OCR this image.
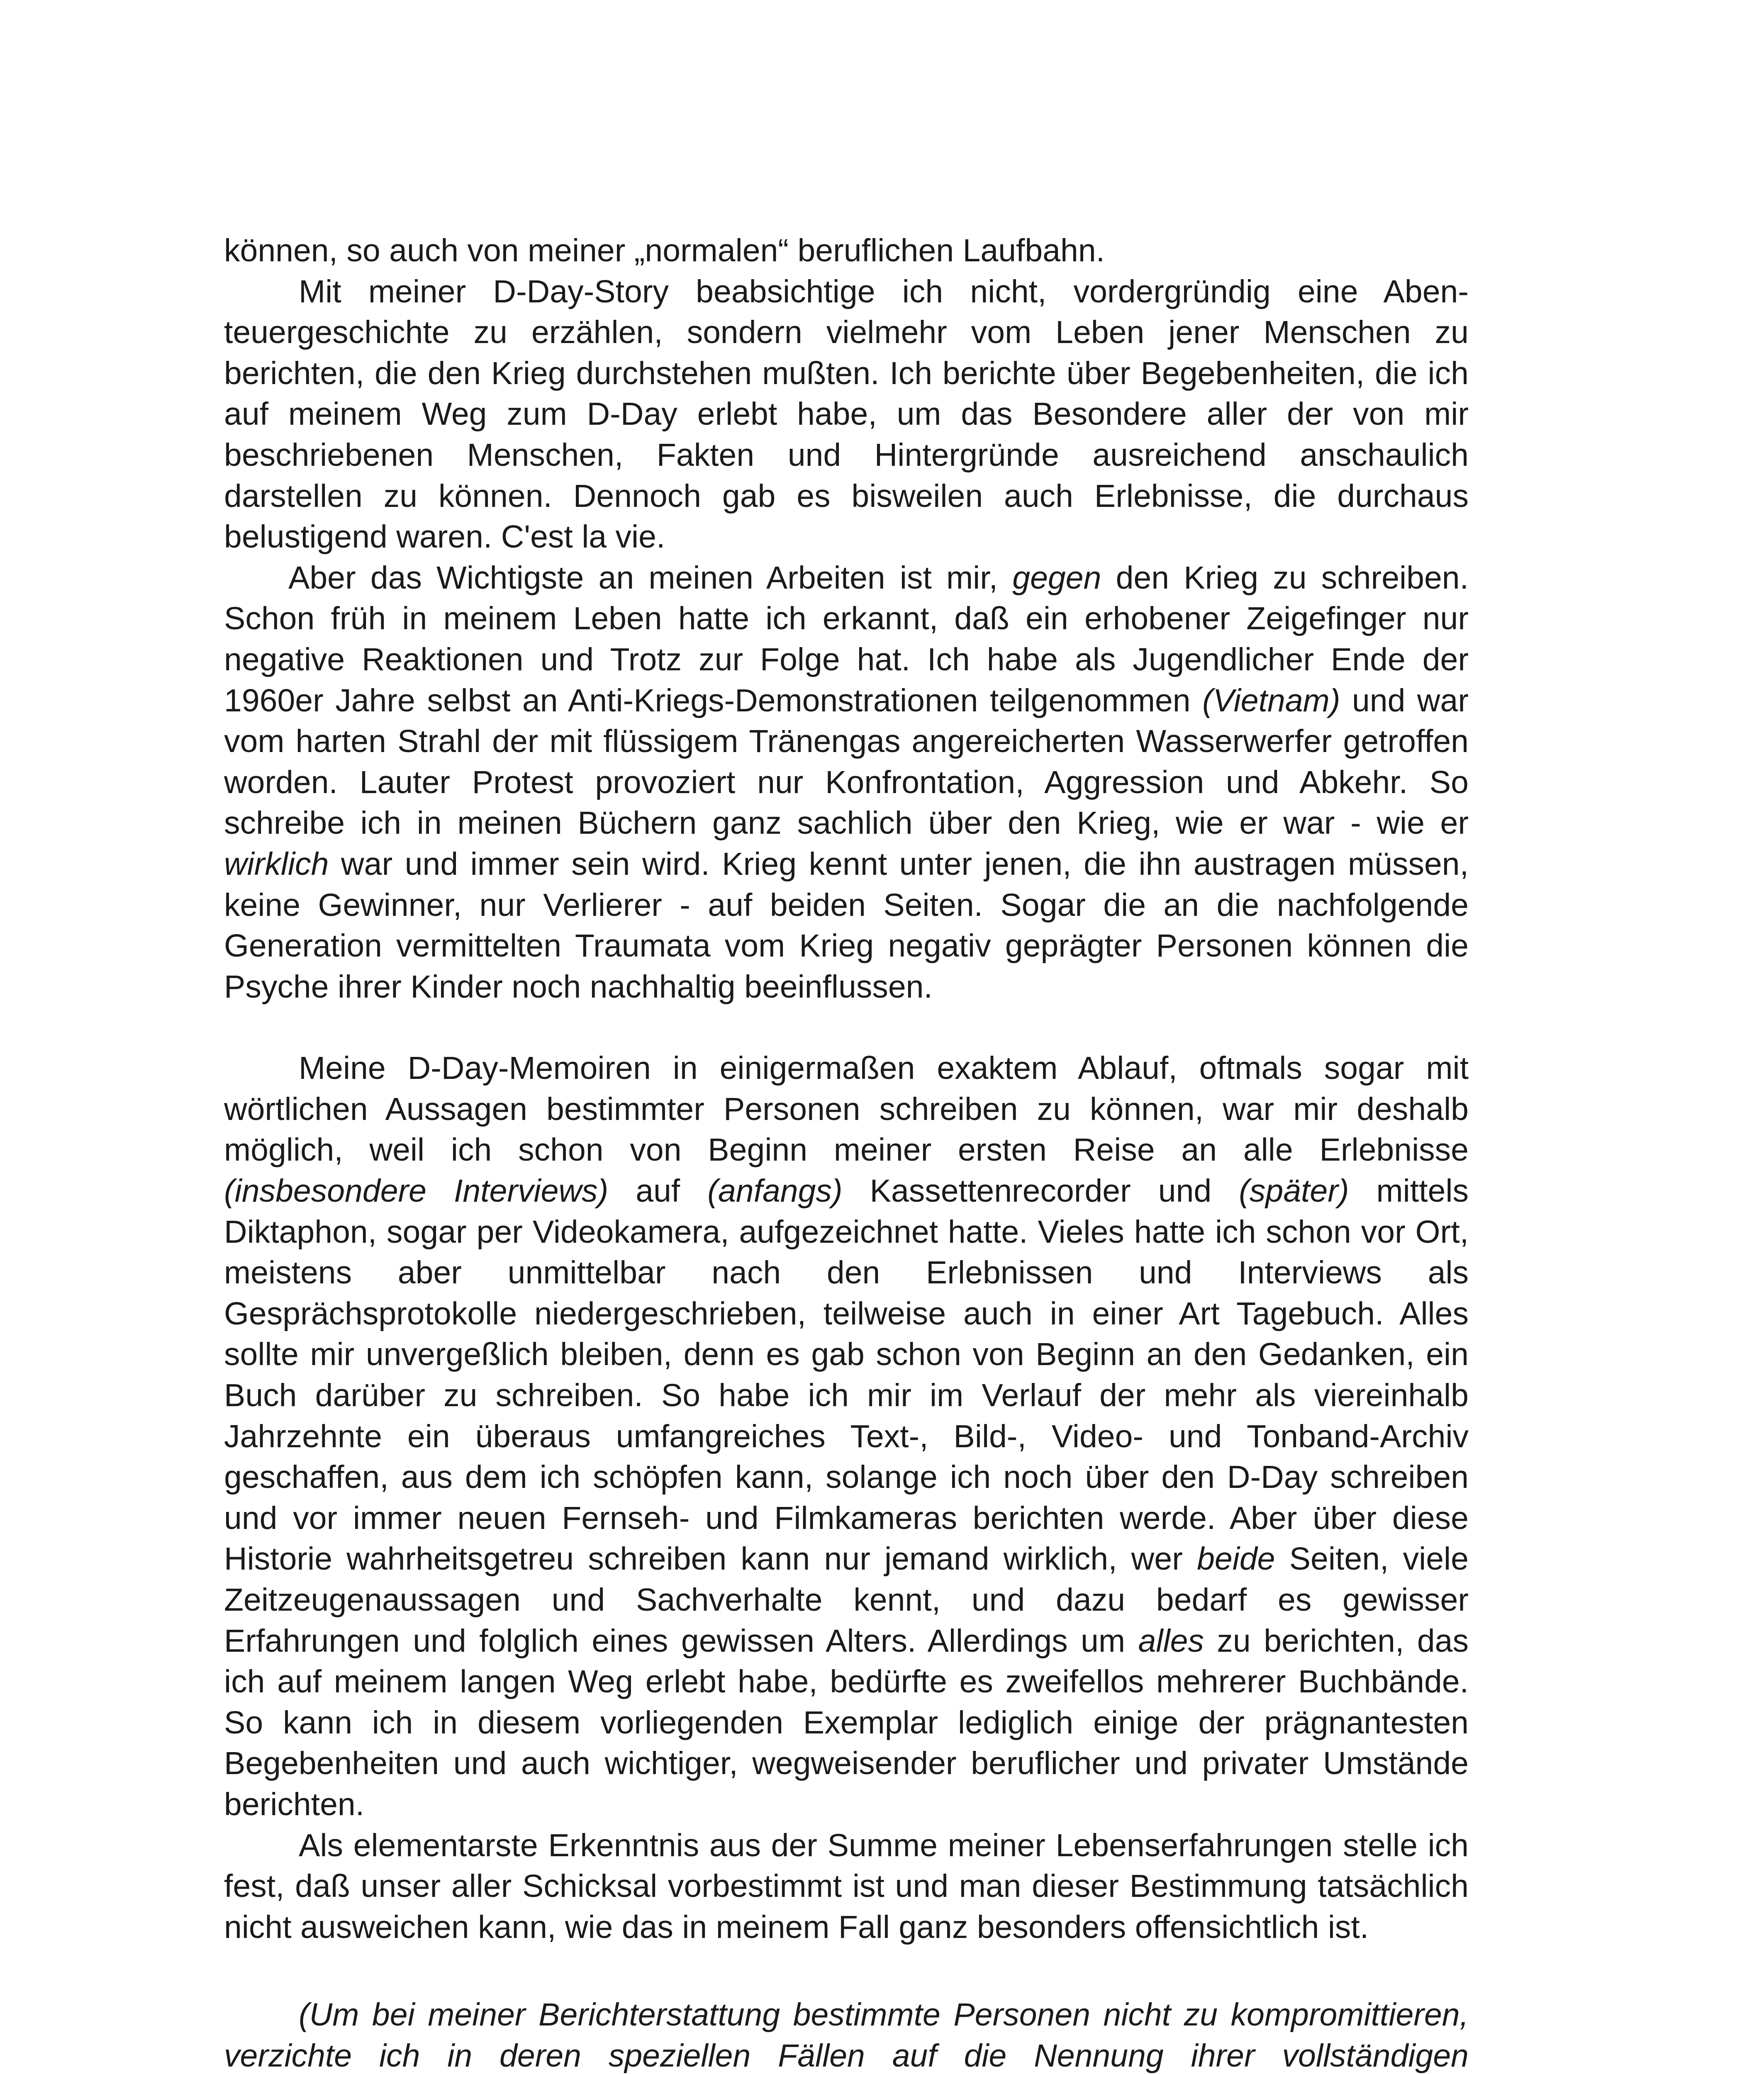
können, so auch von meiner „normalen“ beruflichen Laufbahn.

Mit meiner D-Day-Story beabsichtige ich nicht, vordergründig eine Abenteuergeschichte zu erzählen, sondern vielmehr vom Leben jener Menschen zu berichten, die den Krieg durchstehen mußten. Ich berichte über Begebenheiten, die ich auf meinem Weg zum D-Day erlebt habe, um das Besondere aller der von mir beschriebenen Menschen, Fakten und Hintergründe ausreichend anschaulich darstellen zu können. Dennoch gab es bisweilen auch Erlebnisse, die durchaus belustigend waren. C'est la vie.

Aber das Wichtigste an meinen Arbeiten ist mir, gegen den Krieg zu schreiben. Schon früh in meinem Leben hatte ich erkannt, daß ein erhobener Zeigefinger nur negative Reaktionen und Trotz zur Folge hat. Ich habe als Jugendlicher Ende der 1960er Jahre selbst an Anti-Kriegs-Demonstrationen teilgenommen (Vietnam) und war vom harten Strahl der mit flüssigem Tränengas angereicherten Wasserwerfer getroffen worden. Lauter Protest provoziert nur Konfrontation, Aggression und Abkehr. So schreibe ich in meinen Büchern ganz sachlich über den Krieg, wie er war - wie er wirklich war und immer sein wird. Krieg kennt unter jenen, die ihn austragen müssen, keine Gewinner, nur Verlierer - auf beiden Seiten. Sogar die an die nachfolgende Generation vermittelten Traumata vom Krieg negativ geprägter Personen können die Psyche ihrer Kinder noch nachhaltig beeinflussen.

Meine D-Day-Memoiren in einigermaßen exaktem Ablauf, oftmals sogar mit wörtlichen Aussagen bestimmter Personen schreiben zu können, war mir deshalb möglich, weil ich schon von Beginn meiner ersten Reise an alle Erlebnisse (insbesondere Interviews) auf (anfangs) Kassettenrecorder und (später) mittels Diktaphon, sogar per Videokamera, aufgezeichnet hatte. Vieles hatte ich schon vor Ort, meistens aber unmittelbar nach den Erlebnissen und Interviews als Gesprächsprotokolle niedergeschrieben, teilweise auch in einer Art Tagebuch. Alles sollte mir unvergeßlich bleiben, denn es gab schon von Beginn an den Gedanken, ein Buch darüber zu schreiben. So habe ich mir im Verlauf der mehr als viereinhalb Jahrzehnte ein überaus umfangreiches Text-, Bild-, Video- und Tonband-Archiv geschaffen, aus dem ich schöpfen kann, solange ich noch über den D-Day schreiben und vor immer neuen Fernseh- und Filmkameras berichten werde. Aber über diese Historie wahrheitsgetreu schreiben kann nur jemand wirklich, wer beide Seiten, viele Zeitzeugenaussagen und Sachverhalte kennt, und dazu bedarf es gewisser Erfahrungen und folglich eines gewissen Alters. Allerdings um alles zu berichten, das ich auf meinem langen Weg erlebt habe, bedürfte es zweifellos mehrerer Buchbände. So kann ich in diesem vorliegenden Exemplar lediglich einige der prägnantesten Begebenheiten und auch wichtiger, wegweisender beruflicher und privater Umstände berichten.

Als elementarste Erkenntnis aus der Summe meiner Lebenserfahrungen stelle ich fest, daß unser aller Schicksal vorbestimmt ist und man dieser Bestimmung tatsächlich nicht ausweichen kann, wie das in meinem Fall ganz besonders offensichtlich ist.

(Um bei meiner Berichterstattung bestimmte Personen nicht zu kompromittieren, verzichte ich in deren speziellen Fällen auf die Nennung ihrer vollständigen
